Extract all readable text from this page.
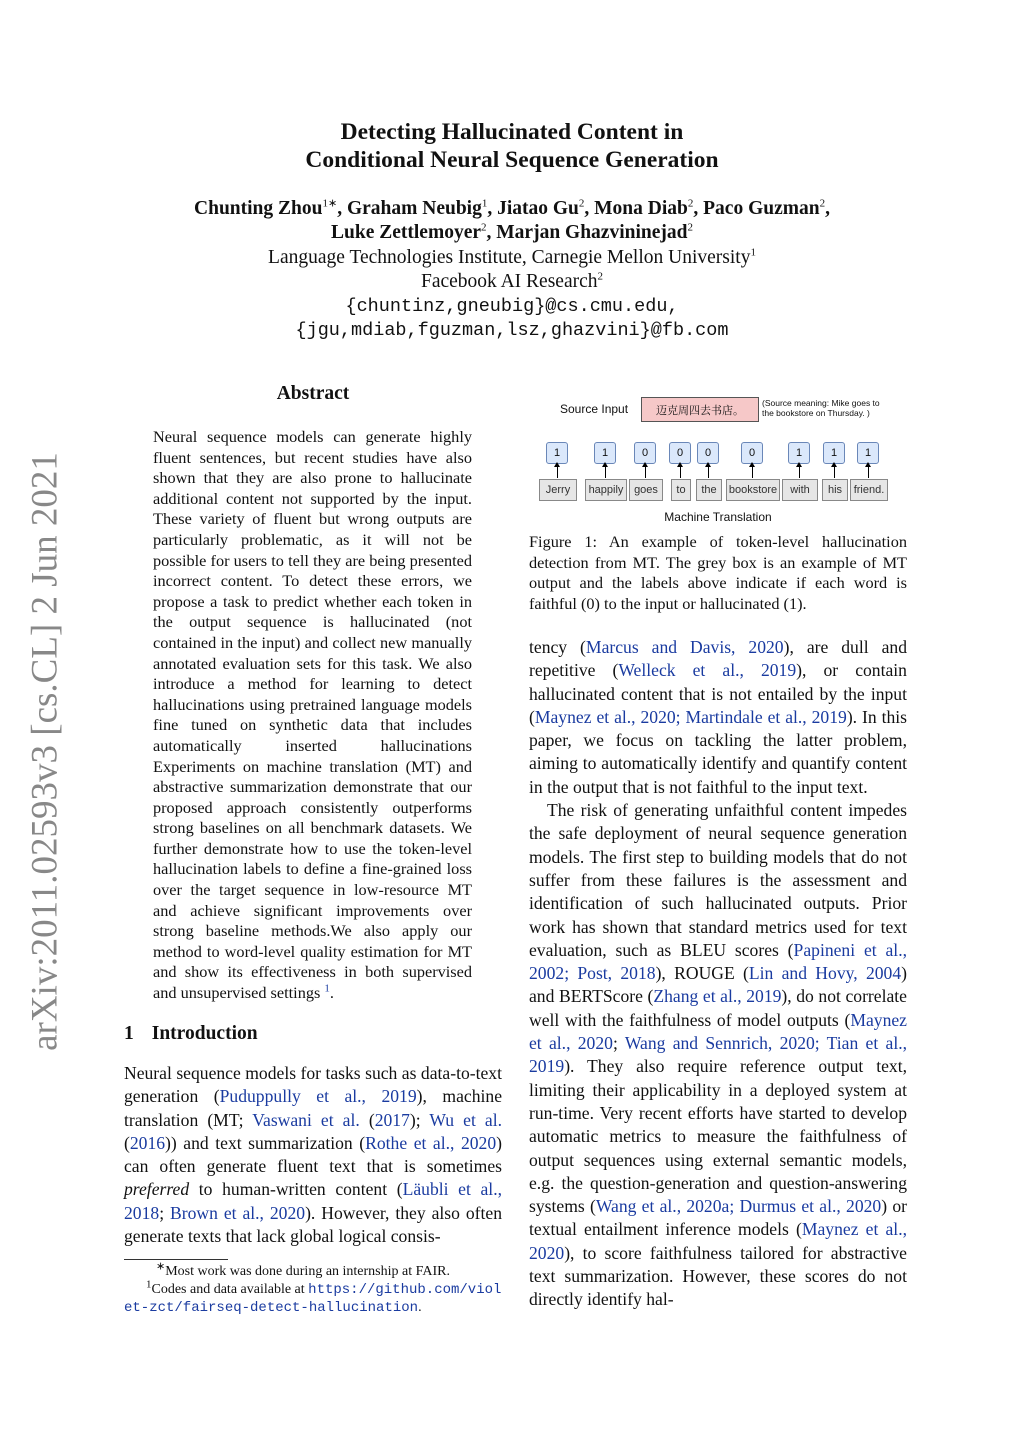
arXiv:2011.02593v3 [cs.CL] 2 Jun 2021
Detecting Hallucinated Content in
Conditional Neural Sequence Generation
Chunting Zhou$^{1∗}$, Graham Neubig$^1$, Jiatao Gu$^2$, Mona Diab$^2$, Paco Guzman$^2$,
Luke Zettlemoyer$^2$, Marjan Ghazvininejad$^2$
Language Technologies Institute, Carnegie Mellon University$^1$
Facebook AI Research$^2$
{chuntinz,gneubig}@cs.cmu.edu,
{jgu,mdiab,fguzman,lsz,ghazvini}@fb.com
Abstract
Neural sequence models can generate highly fluent sentences, but recent studies have also shown that they are also prone to hallucinate additional content not supported by the input. These variety of fluent but wrong outputs are particularly problematic, as it will not be possible for users to tell they are being presented incorrect content. To detect these errors, we propose a task to predict whether each token in the output sequence is hallucinated (not contained in the input) and collect new manually annotated evaluation sets for this task. We also introduce a method for learning to detect hallucinations using pretrained language models fine tuned on synthetic data that includes automatically inserted hallucinations Experiments on machine translation (MT) and abstractive summarization demonstrate that our proposed approach consistently outperforms strong baselines on all benchmark datasets. We further demonstrate how to use the token-level hallucination labels to define a fine-grained loss over the target sequence in low-resource MT and achieve significant improvements over strong baseline methods.We also apply our method to word-level quality estimation for MT and show its effectiveness in both supervised and unsupervised settings $^1$.
1 Introduction
Neural sequence models for tasks such as data-to-text generation (Puduppully et al., 2019), machine translation (MT; Vaswani et al. (2017); Wu et al. (2016)) and text summarization (Rothe et al., 2020) can often generate fluent text that is sometimes preferred to human-written content (Läubli et al., 2018; Brown et al., 2020). However, they also often generate texts that lack global logical consis-
∗Most work was done during an internship at FAIR.
$^1$Codes and data available at https://github.com/violet-zct/fairseq-detect-hallucination.
Source Input	迈克周四去书店。
(Source meaning: Mike goes to the bookstore on Thursday. )
Jerry
1
happily
1
goes
0
to
0
the
0
bookstore
0
with
1
his
1
friend.
1
Machine Translation
Figure 1: An example of token-level hallucination detection from MT. The grey box is an example of MT output and the labels above indicate if each word is faithful (0) to the input or hallucinated (1).
tency (Marcus and Davis, 2020), are dull and repetitive (Welleck et al., 2019), or contain hallucinated content that is not entailed by the input (Maynez et al., 2020; Martindale et al., 2019). In this paper, we focus on tackling the latter problem, aiming to automatically identify and quantify content in the output that is not faithful to the input text.
The risk of generating unfaithful content impedes the safe deployment of neural sequence generation models. The first step to building models that do not suffer from these failures is the assessment and identification of such hallucinated outputs. Prior work has shown that standard metrics used for text evaluation, such as BLEU scores (Papineni et al., 2002; Post, 2018), ROUGE (Lin and Hovy, 2004) and BERTScore (Zhang et al., 2019), do not correlate well with the faithfulness of model outputs (Maynez et al., 2020; Wang and Sennrich, 2020; Tian et al., 2019). They also require reference output text, limiting their applicability in a deployed system at run-time. Very recent efforts have started to develop automatic metrics to measure the faithfulness of output sequences using external semantic models, e.g. the question-generation and question-answering systems (Wang et al., 2020a; Durmus et al., 2020) or textual entailment inference models (Maynez et al., 2020), to score faithfulness tailored for abstractive text summarization. However, these scores do not directly identify hal-
